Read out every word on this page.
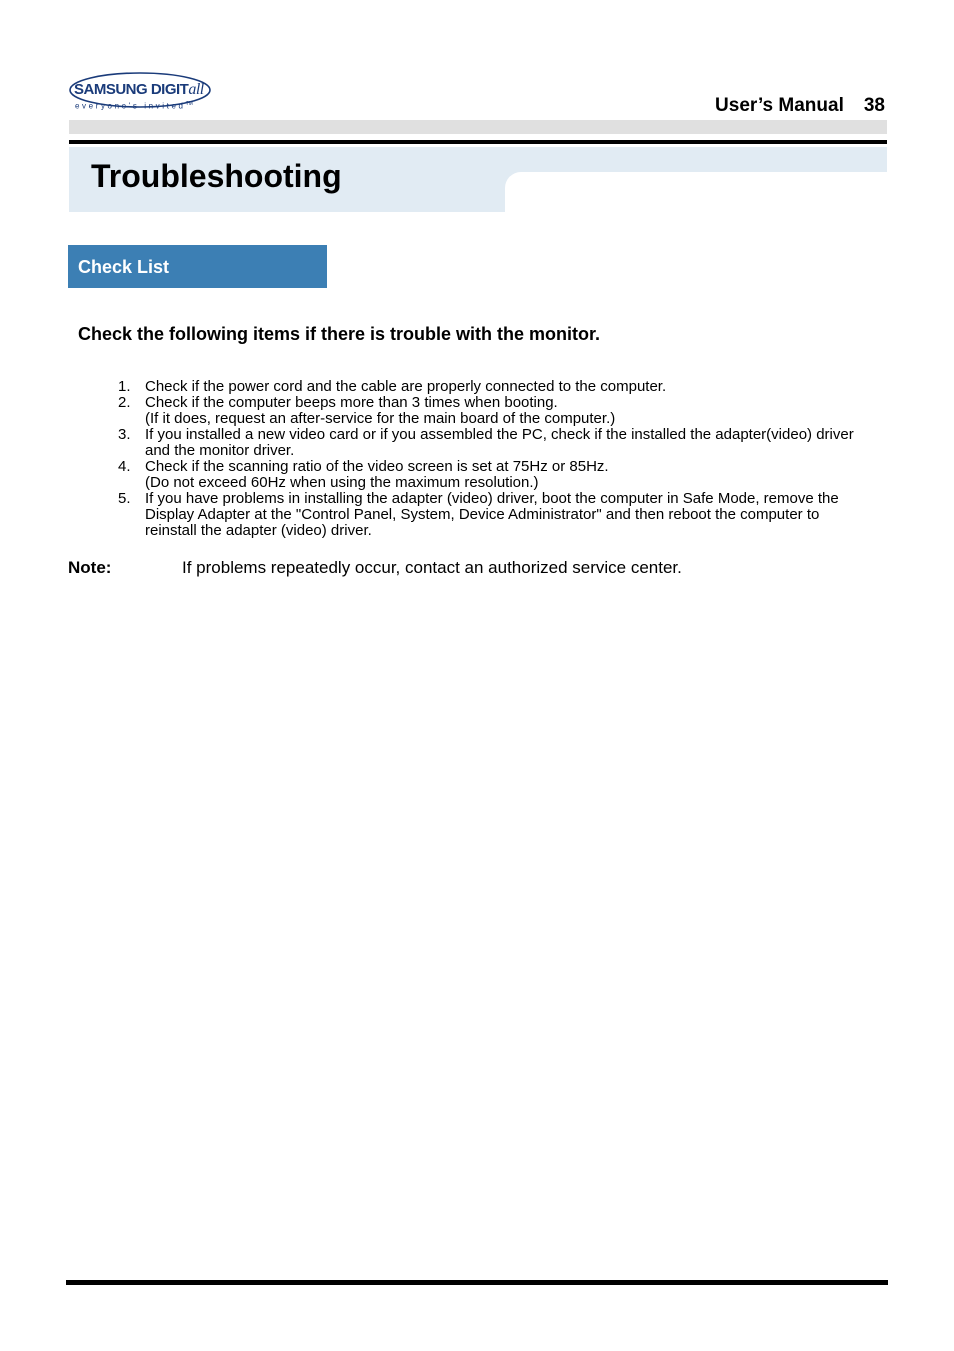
SAMSUNG DIGITall
everyone's invited™	User’s Manual 38
Troubleshooting
Check List

Check the following items if there is trouble with the monitor.

1. Check if the power cord and the cable are properly connected to the computer.
2. Check if the computer beeps more than 3 times when booting.
(If it does, request an after-service for the main board of the computer.)
3. If you installed a new video card or if you assembled the PC, check if the installed the adapter(video) driver
and the monitor driver.
4. Check if the scanning ratio of the video screen is set at 75Hz or 85Hz.
(Do not exceed 60Hz when using the maximum resolution.)
5. If you have problems in installing the adapter (video) driver, boot the computer in Safe Mode, remove the
Display Adapter at the "Control Panel, System, Device Administrator" and then reboot the computer to
reinstall the adapter (video) driver.
Note:	If problems repeatedly occur, contact an authorized service center.
